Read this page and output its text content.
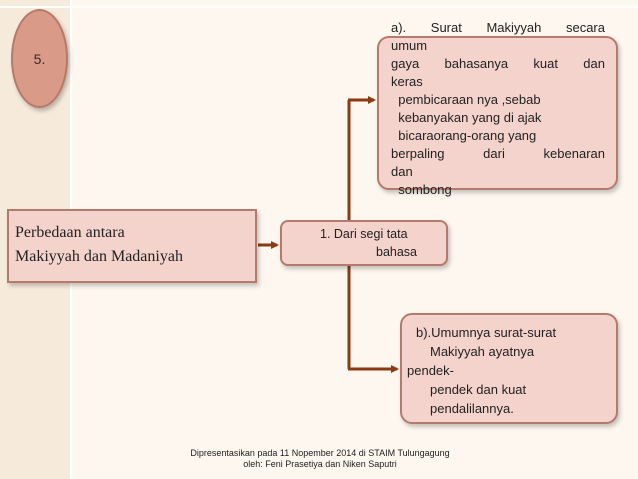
5.
Perbedaan antara
Makiyyah dan Madaniyah
1. Dari segi tata
bahasa
a). Surat Makiyyah secara
umum
gaya bahasanya kuat dan
keras
pembicaraan nya ,sebab
kebanyakan yang di ajak
bicaraorang-orang yang
berpaling dari kebenaran
dan
sombong
b).Umumnya surat-surat
Makiyyah ayatnya
pendek-
pendek dan kuat
pendalilannya.
Dipresentasikan pada 11 Nopember 2014 di STAIM Tulungagung
oleh: Feni Prasetiya dan Niken Saputri
